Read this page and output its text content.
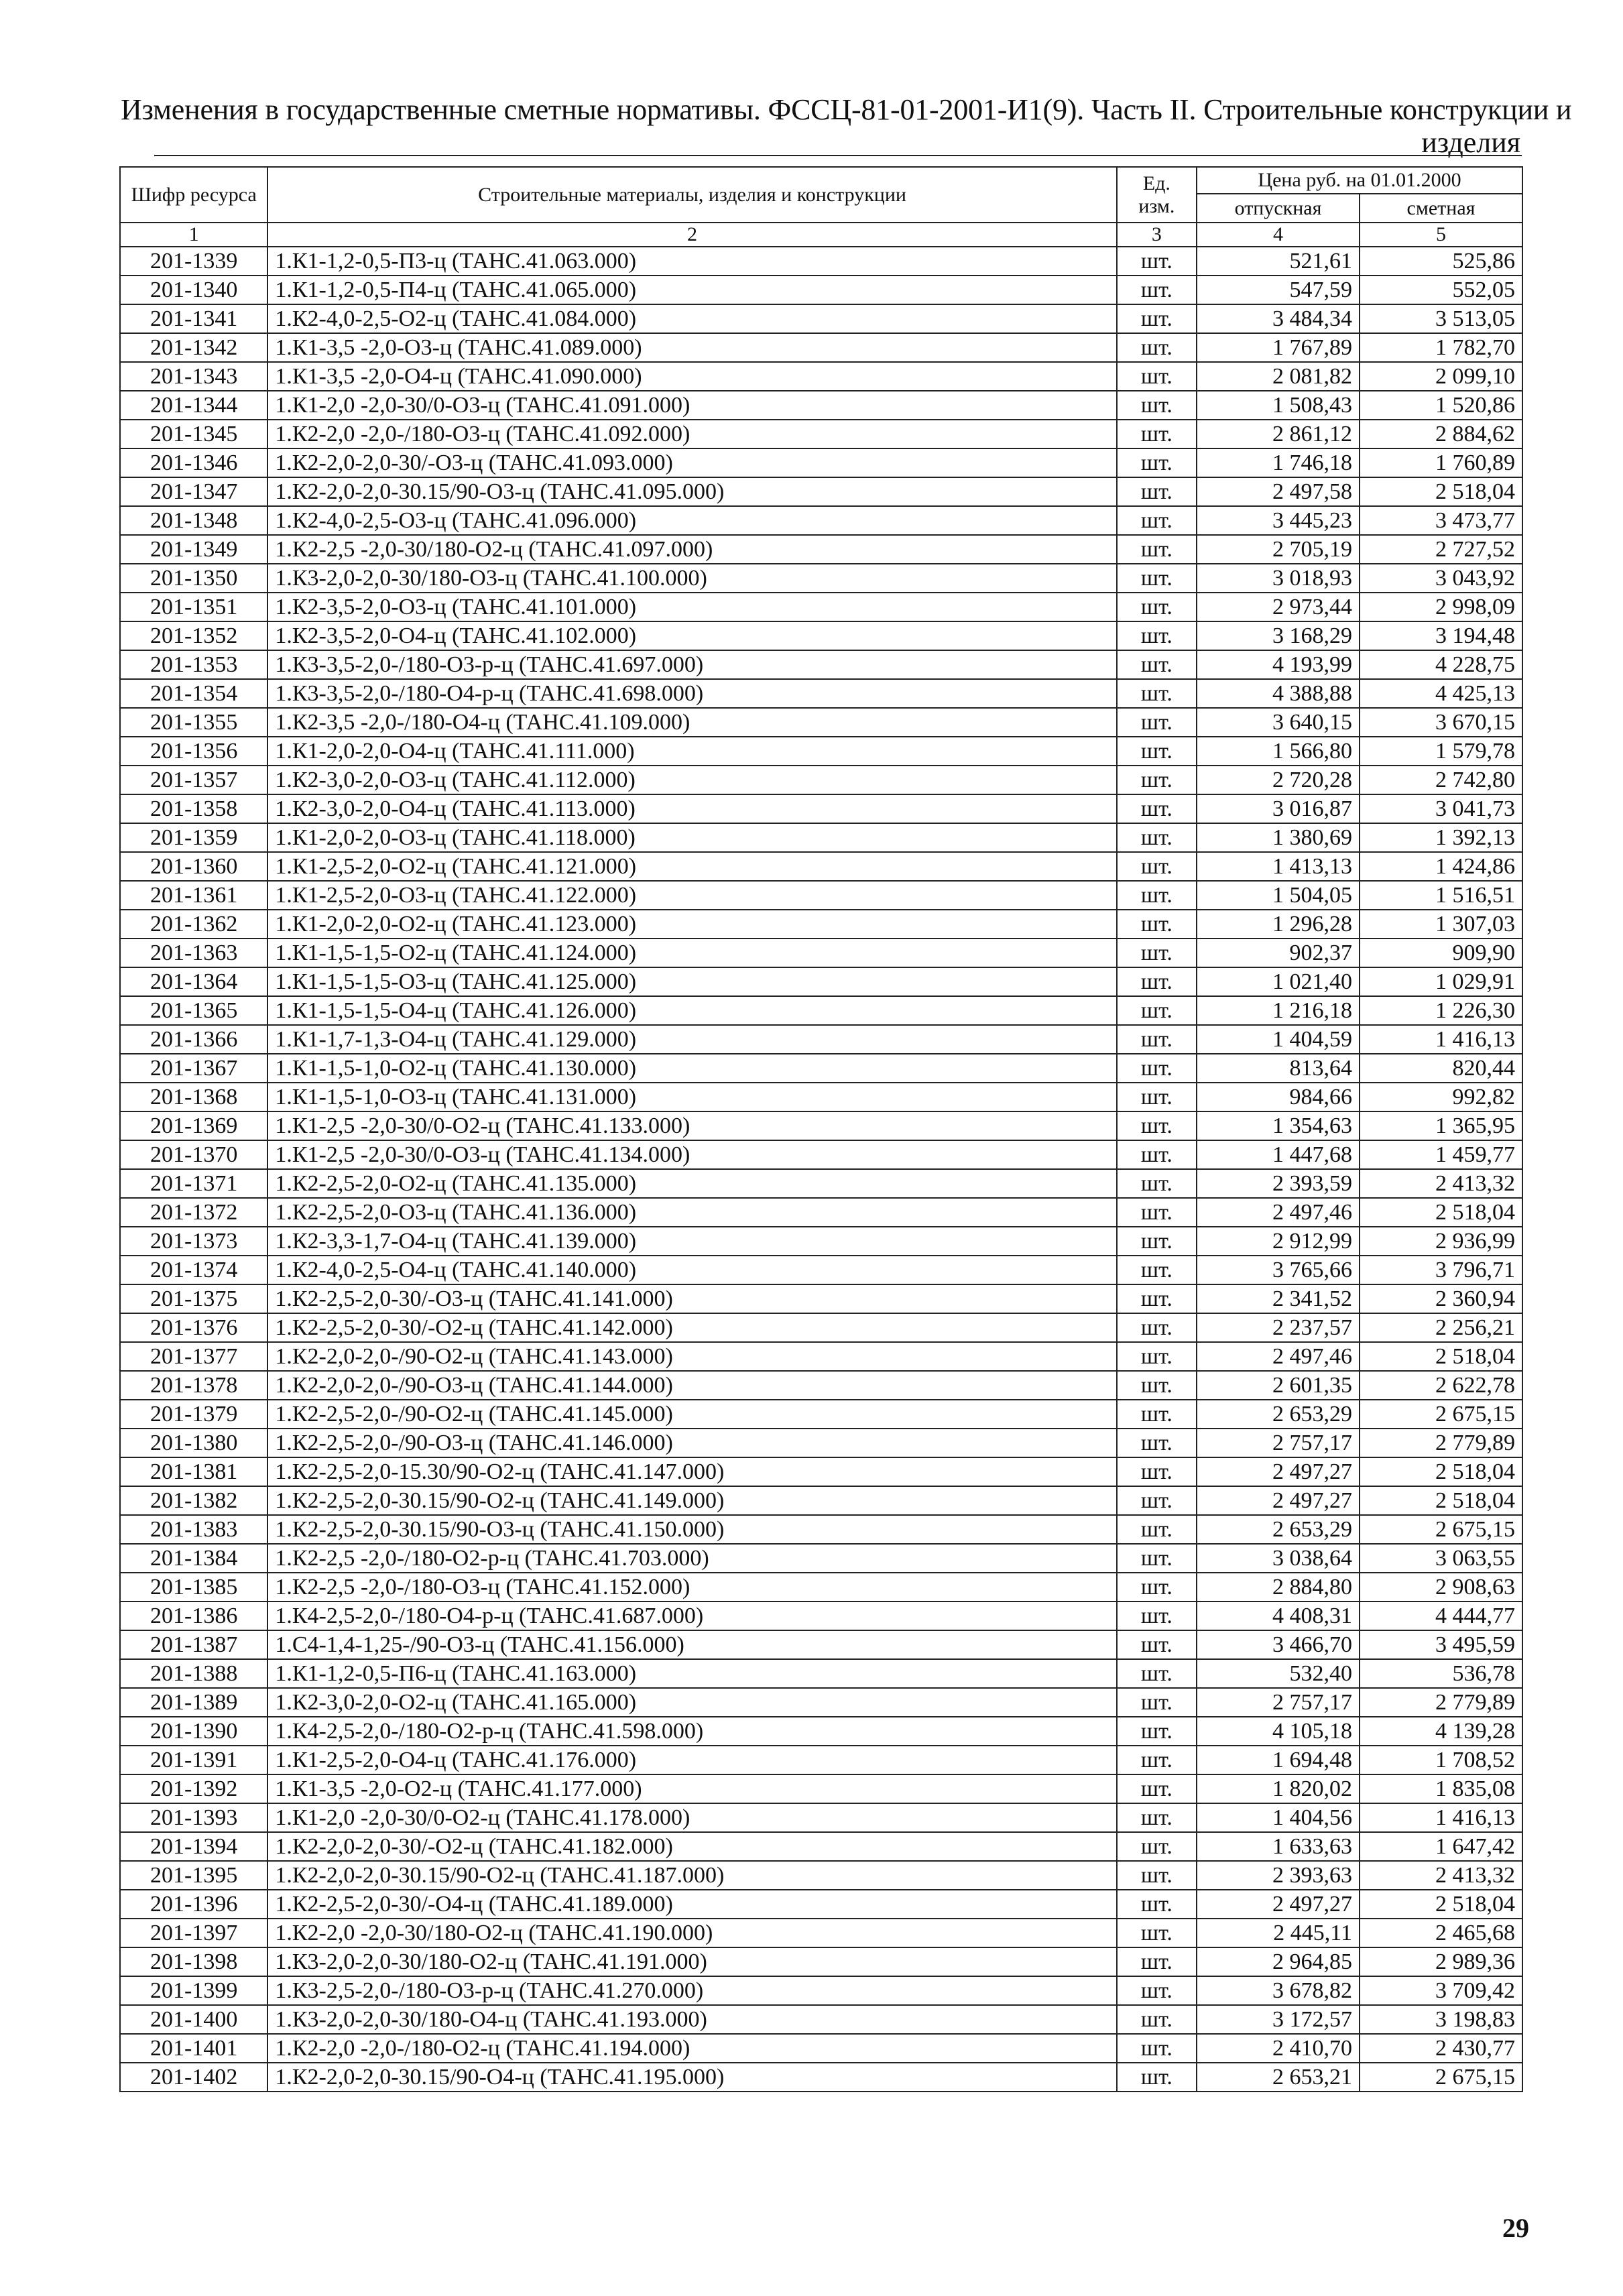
Изменения в государственные сметные нормативы. ФССЦ-81-01-2001-И1(9). Часть II. Строительные конструкции и
изделия
Шифр ресурса	Строительные материалы, изделия и конструкции	Ед. изм.	Цена руб. на 01.01.2000	
			отпускная	сметная
1	2	3	4	5
201-1339	1.К1-1,2-0,5-П3-ц (ТАНС.41.063.000)	шт.	521,61	525,86
201-1340	1.К1-1,2-0,5-П4-ц (ТАНС.41.065.000)	шт.	547,59	552,05
201-1341	1.К2-4,0-2,5-О2-ц (ТАНС.41.084.000)	шт.	3 484,34	3 513,05
201-1342	1.К1-3,5 -2,0-О3-ц (ТАНС.41.089.000)	шт.	1 767,89	1 782,70
201-1343	1.К1-3,5 -2,0-О4-ц (ТАНС.41.090.000)	шт.	2 081,82	2 099,10
201-1344	1.К1-2,0 -2,0-30/0-О3-ц (ТАНС.41.091.000)	шт.	1 508,43	1 520,86
201-1345	1.К2-2,0 -2,0-/180-О3-ц (ТАНС.41.092.000)	шт.	2 861,12	2 884,62
201-1346	1.К2-2,0-2,0-30/-О3-ц (ТАНС.41.093.000)	шт.	1 746,18	1 760,89
201-1347	1.К2-2,0-2,0-30.15/90-О3-ц (ТАНС.41.095.000)	шт.	2 497,58	2 518,04
201-1348	1.К2-4,0-2,5-О3-ц (ТАНС.41.096.000)	шт.	3 445,23	3 473,77
201-1349	1.К2-2,5 -2,0-30/180-О2-ц (ТАНС.41.097.000)	шт.	2 705,19	2 727,52
201-1350	1.К3-2,0-2,0-30/180-О3-ц (ТАНС.41.100.000)	шт.	3 018,93	3 043,92
201-1351	1.К2-3,5-2,0-О3-ц (ТАНС.41.101.000)	шт.	2 973,44	2 998,09
201-1352	1.К2-3,5-2,0-О4-ц (ТАНС.41.102.000)	шт.	3 168,29	3 194,48
201-1353	1.К3-3,5-2,0-/180-О3-р-ц (ТАНС.41.697.000)	шт.	4 193,99	4 228,75
201-1354	1.К3-3,5-2,0-/180-О4-р-ц (ТАНС.41.698.000)	шт.	4 388,88	4 425,13
201-1355	1.К2-3,5 -2,0-/180-О4-ц (ТАНС.41.109.000)	шт.	3 640,15	3 670,15
201-1356	1.К1-2,0-2,0-О4-ц (ТАНС.41.111.000)	шт.	1 566,80	1 579,78
201-1357	1.К2-3,0-2,0-О3-ц (ТАНС.41.112.000)	шт.	2 720,28	2 742,80
201-1358	1.К2-3,0-2,0-О4-ц (ТАНС.41.113.000)	шт.	3 016,87	3 041,73
201-1359	1.К1-2,0-2,0-О3-ц (ТАНС.41.118.000)	шт.	1 380,69	1 392,13
201-1360	1.К1-2,5-2,0-О2-ц (ТАНС.41.121.000)	шт.	1 413,13	1 424,86
201-1361	1.К1-2,5-2,0-О3-ц (ТАНС.41.122.000)	шт.	1 504,05	1 516,51
201-1362	1.К1-2,0-2,0-О2-ц (ТАНС.41.123.000)	шт.	1 296,28	1 307,03
201-1363	1.К1-1,5-1,5-О2-ц (ТАНС.41.124.000)	шт.	902,37	909,90
201-1364	1.К1-1,5-1,5-О3-ц (ТАНС.41.125.000)	шт.	1 021,40	1 029,91
201-1365	1.К1-1,5-1,5-О4-ц (ТАНС.41.126.000)	шт.	1 216,18	1 226,30
201-1366	1.К1-1,7-1,3-О4-ц (ТАНС.41.129.000)	шт.	1 404,59	1 416,13
201-1367	1.К1-1,5-1,0-О2-ц (ТАНС.41.130.000)	шт.	813,64	820,44
201-1368	1.К1-1,5-1,0-О3-ц (ТАНС.41.131.000)	шт.	984,66	992,82
201-1369	1.К1-2,5 -2,0-30/0-О2-ц (ТАНС.41.133.000)	шт.	1 354,63	1 365,95
201-1370	1.К1-2,5 -2,0-30/0-О3-ц (ТАНС.41.134.000)	шт.	1 447,68	1 459,77
201-1371	1.К2-2,5-2,0-О2-ц (ТАНС.41.135.000)	шт.	2 393,59	2 413,32
201-1372	1.К2-2,5-2,0-О3-ц (ТАНС.41.136.000)	шт.	2 497,46	2 518,04
201-1373	1.К2-3,3-1,7-О4-ц (ТАНС.41.139.000)	шт.	2 912,99	2 936,99
201-1374	1.К2-4,0-2,5-О4-ц (ТАНС.41.140.000)	шт.	3 765,66	3 796,71
201-1375	1.К2-2,5-2,0-30/-О3-ц (ТАНС.41.141.000)	шт.	2 341,52	2 360,94
201-1376	1.К2-2,5-2,0-30/-О2-ц (ТАНС.41.142.000)	шт.	2 237,57	2 256,21
201-1377	1.К2-2,0-2,0-/90-О2-ц (ТАНС.41.143.000)	шт.	2 497,46	2 518,04
201-1378	1.К2-2,0-2,0-/90-О3-ц (ТАНС.41.144.000)	шт.	2 601,35	2 622,78
201-1379	1.К2-2,5-2,0-/90-О2-ц (ТАНС.41.145.000)	шт.	2 653,29	2 675,15
201-1380	1.К2-2,5-2,0-/90-О3-ц (ТАНС.41.146.000)	шт.	2 757,17	2 779,89
201-1381	1.К2-2,5-2,0-15.30/90-О2-ц (ТАНС.41.147.000)	шт.	2 497,27	2 518,04
201-1382	1.К2-2,5-2,0-30.15/90-О2-ц (ТАНС.41.149.000)	шт.	2 497,27	2 518,04
201-1383	1.К2-2,5-2,0-30.15/90-О3-ц (ТАНС.41.150.000)	шт.	2 653,29	2 675,15
201-1384	1.К2-2,5 -2,0-/180-О2-р-ц (ТАНС.41.703.000)	шт.	3 038,64	3 063,55
201-1385	1.К2-2,5 -2,0-/180-О3-ц (ТАНС.41.152.000)	шт.	2 884,80	2 908,63
201-1386	1.К4-2,5-2,0-/180-О4-р-ц (ТАНС.41.687.000)	шт.	4 408,31	4 444,77
201-1387	1.С4-1,4-1,25-/90-О3-ц (ТАНС.41.156.000)	шт.	3 466,70	3 495,59
201-1388	1.К1-1,2-0,5-П6-ц (ТАНС.41.163.000)	шт.	532,40	536,78
201-1389	1.К2-3,0-2,0-О2-ц (ТАНС.41.165.000)	шт.	2 757,17	2 779,89
201-1390	1.К4-2,5-2,0-/180-О2-р-ц (ТАНС.41.598.000)	шт.	4 105,18	4 139,28
201-1391	1.К1-2,5-2,0-О4-ц (ТАНС.41.176.000)	шт.	1 694,48	1 708,52
201-1392	1.К1-3,5 -2,0-О2-ц (ТАНС.41.177.000)	шт.	1 820,02	1 835,08
201-1393	1.К1-2,0 -2,0-30/0-О2-ц (ТАНС.41.178.000)	шт.	1 404,56	1 416,13
201-1394	1.К2-2,0-2,0-30/-О2-ц (ТАНС.41.182.000)	шт.	1 633,63	1 647,42
201-1395	1.К2-2,0-2,0-30.15/90-О2-ц (ТАНС.41.187.000)	шт.	2 393,63	2 413,32
201-1396	1.К2-2,5-2,0-30/-О4-ц (ТАНС.41.189.000)	шт.	2 497,27	2 518,04
201-1397	1.К2-2,0 -2,0-30/180-О2-ц (ТАНС.41.190.000)	шт.	2 445,11	2 465,68
201-1398	1.К3-2,0-2,0-30/180-О2-ц (ТАНС.41.191.000)	шт.	2 964,85	2 989,36
201-1399	1.К3-2,5-2,0-/180-О3-р-ц (ТАНС.41.270.000)	шт.	3 678,82	3 709,42
201-1400	1.К3-2,0-2,0-30/180-О4-ц (ТАНС.41.193.000)	шт.	3 172,57	3 198,83
201-1401	1.К2-2,0 -2,0-/180-О2-ц (ТАНС.41.194.000)	шт.	2 410,70	2 430,77
201-1402	1.К2-2,0-2,0-30.15/90-О4-ц (ТАНС.41.195.000)	шт.	2 653,21	2 675,15
29
